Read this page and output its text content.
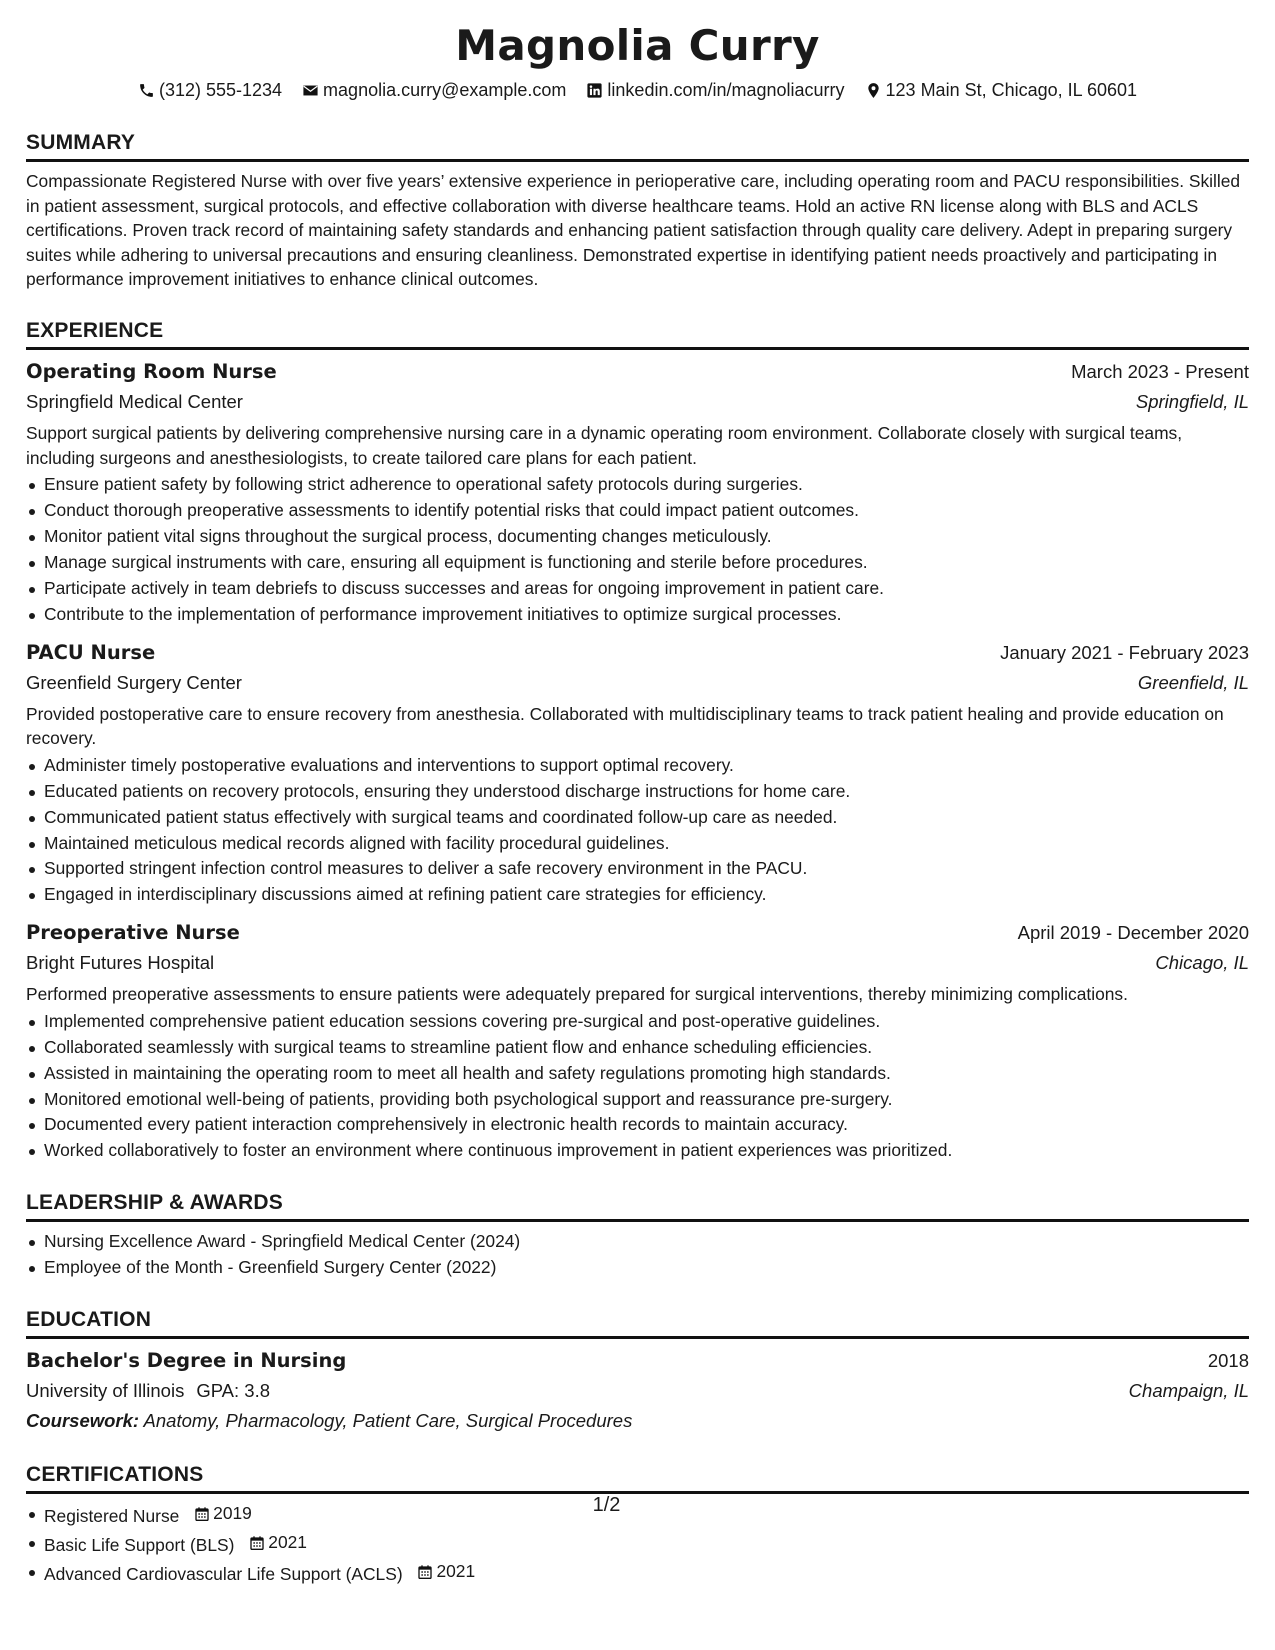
Magnolia Curry
(312) 555-1234 magnolia.curry@example.com linkedin.com/in/magnoliacurry 123 Main St, Chicago, IL 60601
SUMMARY

Compassionate Registered Nurse with over five years’ extensive experience in perioperative care, including operating room and PACU responsibilities. Skilled in patient assessment, surgical protocols, and effective collaboration with diverse healthcare teams. Hold an active RN license along with BLS and ACLS certifications. Proven track record of maintaining safety standards and enhancing patient satisfaction through quality care delivery. Adept in preparing surgery suites while adhering to universal precautions and ensuring cleanliness. Demonstrated expertise in identifying patient needs proactively and participating in performance improvement initiatives to enhance clinical outcomes.

EXPERIENCE
Operating Room Nurse	March 2023 - Present
Springfield Medical Center	Springfield, IL

Support surgical patients by delivering comprehensive nursing care in a dynamic operating room environment. Collaborate closely with surgical teams, including surgeons and anesthesiologists, to create tailored care plans for each patient.

Ensure patient safety by following strict adherence to operational safety protocols during surgeries.
Conduct thorough preoperative assessments to identify potential risks that could impact patient outcomes.
Monitor patient vital signs throughout the surgical process, documenting changes meticulously.
Manage surgical instruments with care, ensuring all equipment is functioning and sterile before procedures.
Participate actively in team debriefs to discuss successes and areas for ongoing improvement in patient care.
Contribute to the implementation of performance improvement initiatives to optimize surgical processes.
PACU Nurse	January 2021 - February 2023
Greenfield Surgery Center	Greenfield, IL

Provided postoperative care to ensure recovery from anesthesia. Collaborated with multidisciplinary teams to track patient healing and provide education on recovery.

Administer timely postoperative evaluations and interventions to support optimal recovery.
Educated patients on recovery protocols, ensuring they understood discharge instructions for home care.
Communicated patient status effectively with surgical teams and coordinated follow-up care as needed.
Maintained meticulous medical records aligned with facility procedural guidelines.
Supported stringent infection control measures to deliver a safe recovery environment in the PACU.
Engaged in interdisciplinary discussions aimed at refining patient care strategies for efficiency.
Preoperative Nurse	April 2019 - December 2020
Bright Futures Hospital	Chicago, IL

Performed preoperative assessments to ensure patients were adequately prepared for surgical interventions, thereby minimizing complications.

Implemented comprehensive patient education sessions covering pre-surgical and post-operative guidelines.
Collaborated seamlessly with surgical teams to streamline patient flow and enhance scheduling efficiencies.
Assisted in maintaining the operating room to meet all health and safety regulations promoting high standards.
Monitored emotional well-being of patients, providing both psychological support and reassurance pre-surgery.
Documented every patient interaction comprehensively in electronic health records to maintain accuracy.
Worked collaboratively to foster an environment where continuous improvement in patient experiences was prioritized.
LEADERSHIP & AWARDS
Nursing Excellence Award - Springfield Medical Center (2024)
Employee of the Month - Greenfield Surgery Center (2022)
EDUCATION
Bachelor's Degree in Nursing	2018
University of Illinois GPA: 3.8	Champaign, IL
Coursework: Anatomy, Pharmacology, Patient Care, Surgical Procedures
CERTIFICATIONS
Registered Nurse 2019
Basic Life Support (BLS) 2021
Advanced Cardiovascular Life Support (ACLS) 2021
1/2
